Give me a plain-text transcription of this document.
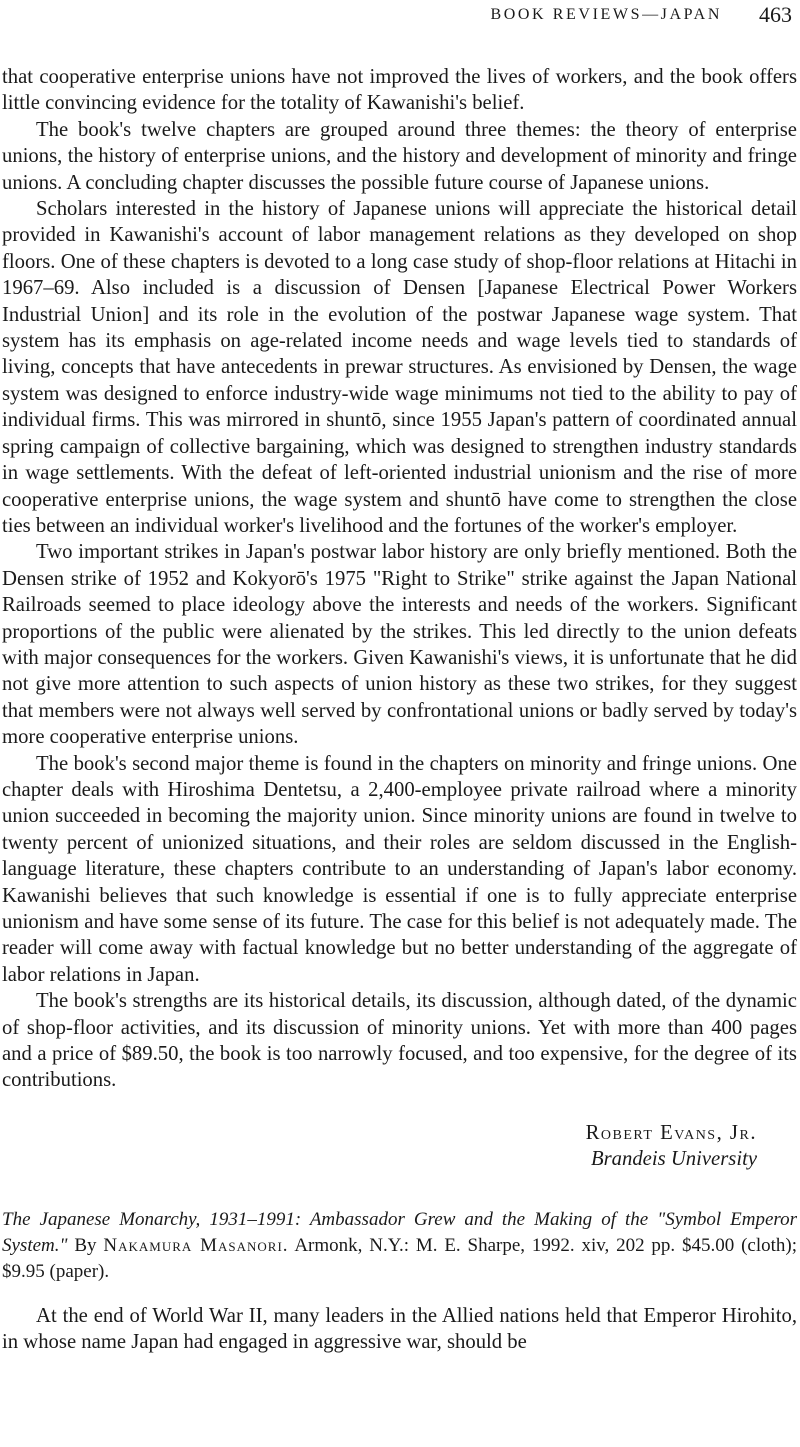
BOOK REVIEWS—JAPAN 463

that cooperative enterprise unions have not improved the lives of workers, and the book offers little convincing evidence for the totality of Kawanishi's belief.

The book's twelve chapters are grouped around three themes: the theory of enterprise unions, the history of enterprise unions, and the history and development of minority and fringe unions. A concluding chapter discusses the possible future course of Japanese unions.

Scholars interested in the history of Japanese unions will appreciate the historical detail provided in Kawanishi's account of labor management relations as they developed on shop floors. One of these chapters is devoted to a long case study of shop-floor relations at Hitachi in 1967–69. Also included is a discussion of Densen [Japanese Electrical Power Workers Industrial Union] and its role in the evolution of the postwar Japanese wage system. That system has its emphasis on age-related income needs and wage levels tied to standards of living, concepts that have antecedents in prewar structures. As envisioned by Densen, the wage system was designed to enforce industry-wide wage minimums not tied to the ability to pay of individual firms. This was mirrored in shuntō, since 1955 Japan's pattern of coordinated annual spring campaign of collective bargaining, which was designed to strengthen industry standards in wage settlements. With the defeat of left-oriented industrial unionism and the rise of more cooperative enterprise unions, the wage system and shuntō have come to strengthen the close ties between an individual worker's livelihood and the fortunes of the worker's employer.

Two important strikes in Japan's postwar labor history are only briefly mentioned. Both the Densen strike of 1952 and Kokyorō's 1975 "Right to Strike" strike against the Japan National Railroads seemed to place ideology above the interests and needs of the workers. Significant proportions of the public were alienated by the strikes. This led directly to the union defeats with major consequences for the workers. Given Kawanishi's views, it is unfortunate that he did not give more attention to such aspects of union history as these two strikes, for they suggest that members were not always well served by confrontational unions or badly served by today's more cooperative enterprise unions.

The book's second major theme is found in the chapters on minority and fringe unions. One chapter deals with Hiroshima Dentetsu, a 2,400-employee private railroad where a minority union succeeded in becoming the majority union. Since minority unions are found in twelve to twenty percent of unionized situations, and their roles are seldom discussed in the English-language literature, these chapters contribute to an understanding of Japan's labor economy. Kawanishi believes that such knowledge is essential if one is to fully appreciate enterprise unionism and have some sense of its future. The case for this belief is not adequately made. The reader will come away with factual knowledge but no better understanding of the aggregate of labor relations in Japan.

The book's strengths are its historical details, its discussion, although dated, of the dynamic of shop-floor activities, and its discussion of minority unions. Yet with more than 400 pages and a price of $89.50, the book is too narrowly focused, and too expensive, for the degree of its contributions.

Robert Evans, Jr.
Brandeis University
The Japanese Monarchy, 1931–1991: Ambassador Grew and the Making of the "Symbol Emperor System." By Nakamura Masanori. Armonk, N.Y.: M. E. Sharpe, 1992. xiv, 202 pp. $45.00 (cloth); $9.95 (paper).

At the end of World War II, many leaders in the Allied nations held that Emperor Hirohito, in whose name Japan had engaged in aggressive war, should be
